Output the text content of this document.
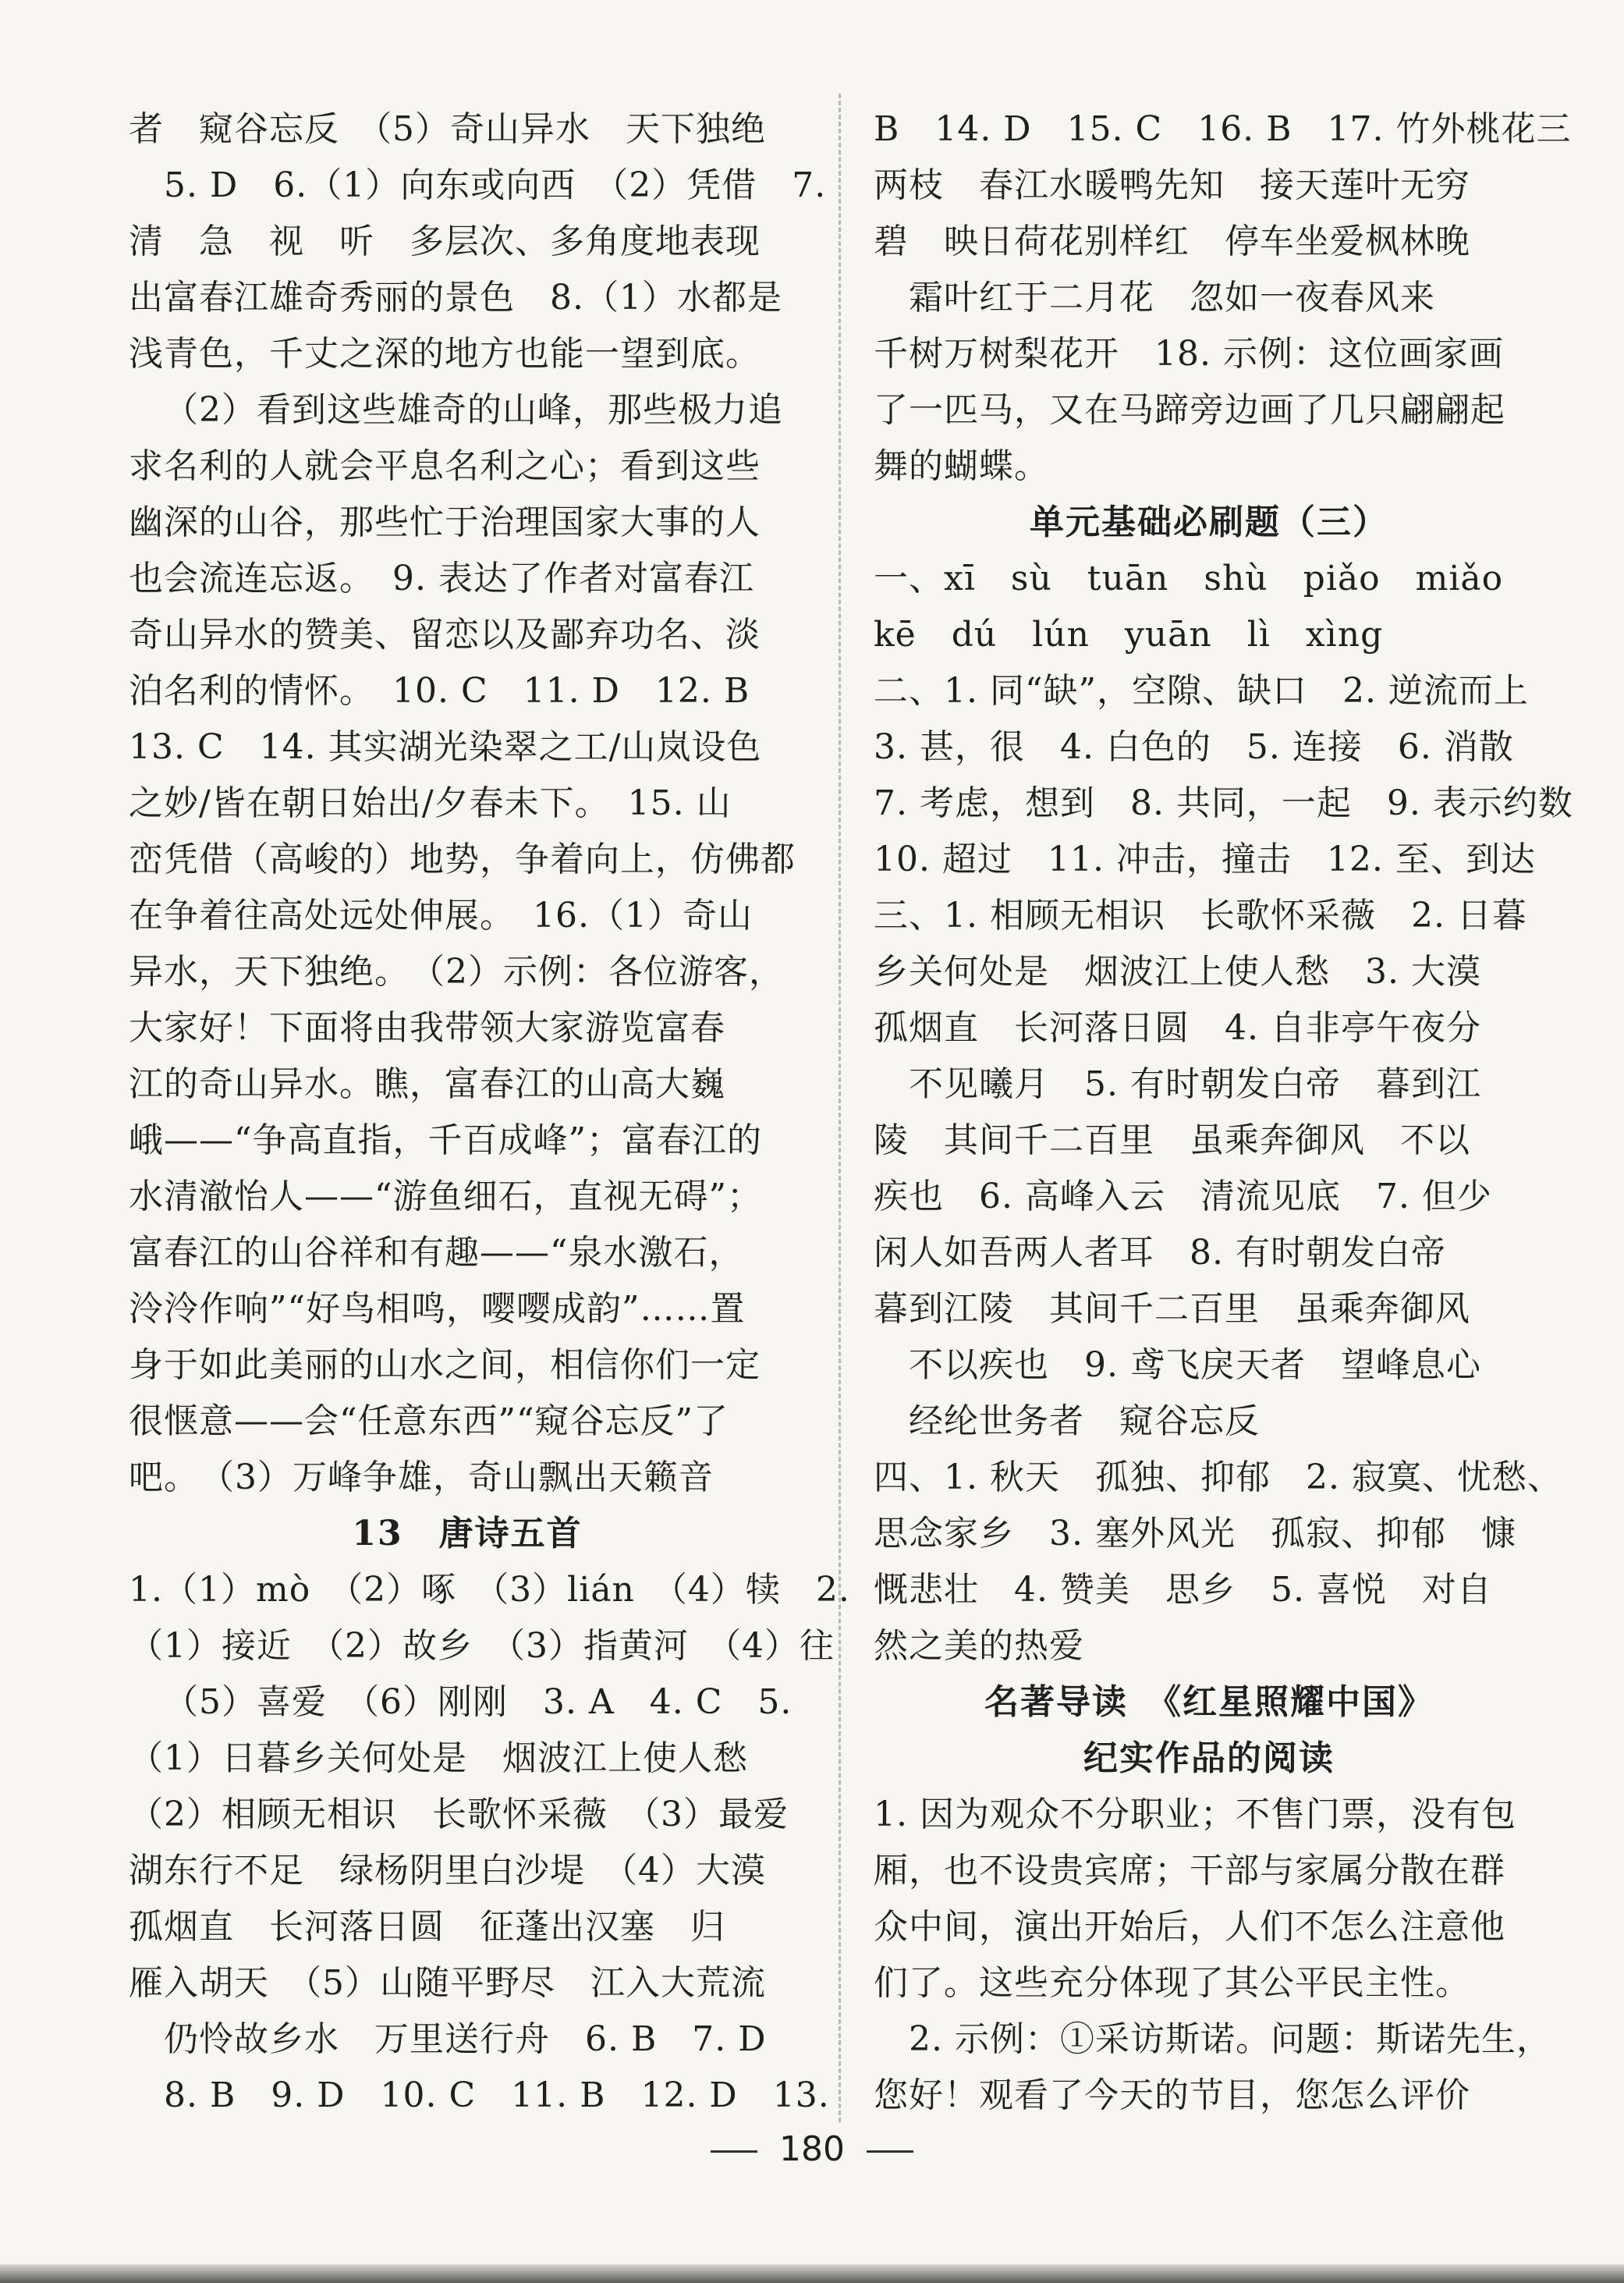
者　窥谷忘反　（5）奇山异水　天下独绝
5. D　6.（1）向东或向西　（2）凭借　7.
清　急　视　听　多层次、多角度地表现
出富春江雄奇秀丽的景色　8.（1）水都是
浅青色，千丈之深的地方也能一望到底。
（2）看到这些雄奇的山峰，那些极力追
求名利的人就会平息名利之心；看到这些
幽深的山谷，那些忙于治理国家大事的人
也会流连忘返。　9. 表达了作者对富春江
奇山异水的赞美、留恋以及鄙弃功名、淡
泊名利的情怀。　10. C　11. D　12. B
13. C　14. 其实湖光染翠之工/山岚设色
之妙/皆在朝日始出/夕春未下。　15. 山
峦凭借（高峻的）地势，争着向上，仿佛都
在争着往高处远处伸展。　16.（1）奇山
异水，天下独绝。　（2）示例：各位游客，
大家好！下面将由我带领大家游览富春
江的奇山异水。瞧，富春江的山高大巍
峨——“争高直指，千百成峰”；富春江的
水清澈怡人——“游鱼细石，直视无碍”；
富春江的山谷祥和有趣——“泉水激石，
泠泠作响”“好鸟相鸣，嘤嘤成韵”……置
身于如此美丽的山水之间，相信你们一定
很惬意——会“任意东西”“窥谷忘反”了
吧。　（3）万峰争雄，奇山飘出天籁音
13　唐诗五首
1.（1）mò　（2）啄　（3）lián　（4）犊　2.
（1）接近　（2）故乡　（3）指黄河　（4）往
（5）喜爱　（6）刚刚　3. A　4. C　5.
（1）日暮乡关何处是　烟波江上使人愁
（2）相顾无相识　长歌怀采薇　（3）最爱
湖东行不足　绿杨阴里白沙堤　（4）大漠
孤烟直　长河落日圆　征蓬出汉塞　归
雁入胡天　（5）山随平野尽　江入大荒流
仍怜故乡水　万里送行舟　6. B　7. D
8. B　9. D　10. C　11. B　12. D　13.
B　14. D　15. C　16. B　17. 竹外桃花三
两枝　春江水暖鸭先知　接天莲叶无穷
碧　映日荷花别样红　停车坐爱枫林晚
霜叶红于二月花　忽如一夜春风来
千树万树梨花开　18. 示例：这位画家画
了一匹马，又在马蹄旁边画了几只翩翩起
舞的蝴蝶。
单元基础必刷题（三）
一、xī　sù　tuān　shù　piǎo　miǎo
kē　dú　lún　yuān　lì　xìng
二、1. 同“缺”，空隙、缺口　2. 逆流而上
3. 甚，很　4. 白色的　5. 连接　6. 消散
7. 考虑，想到　8. 共同，一起　9. 表示约数
10. 超过　11. 冲击，撞击　12. 至、到达
三、1. 相顾无相识　长歌怀采薇　2. 日暮
乡关何处是　烟波江上使人愁　3. 大漠
孤烟直　长河落日圆　4. 自非亭午夜分
不见曦月　5. 有时朝发白帝　暮到江
陵　其间千二百里　虽乘奔御风　不以
疾也　6. 高峰入云　清流见底　7. 但少
闲人如吾两人者耳　8. 有时朝发白帝
暮到江陵　其间千二百里　虽乘奔御风
不以疾也　9. 鸢飞戾天者　望峰息心
经纶世务者　窥谷忘反
四、1. 秋天　孤独、抑郁　2. 寂寞、忧愁、
思念家乡　3. 塞外风光　孤寂、抑郁　慷
慨悲壮　4. 赞美　思乡　5. 喜悦　对自
然之美的热爱
名著导读　《红星照耀中国》
纪实作品的阅读
1. 因为观众不分职业；不售门票，没有包
厢，也不设贵宾席；干部与家属分散在群
众中间，演出开始后，人们不怎么注意他
们了。这些充分体现了其公平民主性。
2. 示例：①采访斯诺。问题：斯诺先生，
您好！观看了今天的节目，您怎么评价
180
